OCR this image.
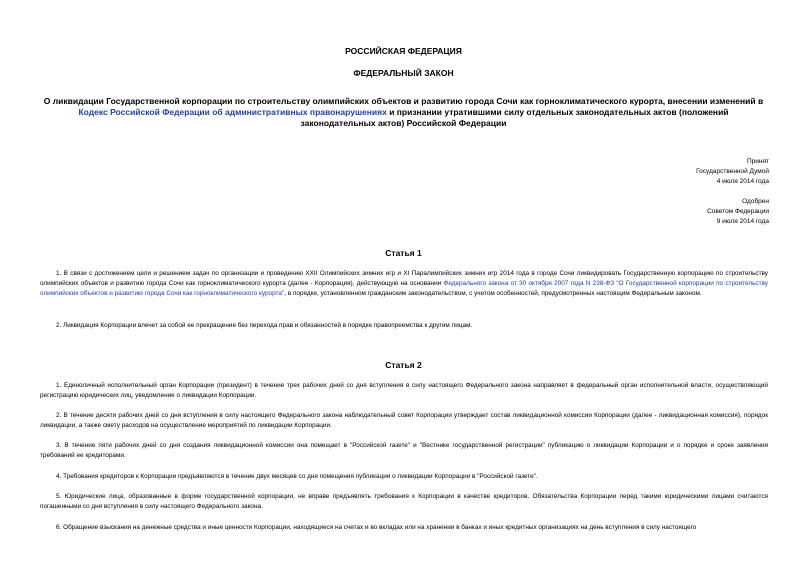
РОССИЙСКАЯ ФЕДЕРАЦИЯ
ФЕДЕРАЛЬНЫЙ ЗАКОН
О ликвидации Государственной корпорации по строительству олимпийских объектов и развитию города Сочи как горноклиматического курорта, внесении изменений в Кодекс Российской Федерации об административных правонарушениях и признании утратившими силу отдельных законодательных актов (положений законодательных актов) Российской Федерации
Принят
Государственной Думой
4 июля 2014 года
Одобрен
Советом Федерации
9 июля 2014 года
Статья 1
1. В связи с достижением цели и решением задач по организации и проведению XXII Олимпийских зимних игр и XI Паралимпийских зимних игр 2014 года в городе Сочи ликвидировать Государственную корпорацию по строительству олимпийских объектов и развитию города Сочи как горноклиматического курорта (далее - Корпорация), действующую на основании Федерального закона от 30 октября 2007 года N 238-ФЗ "О Государственной корпорации по строительству олимпийских объектов и развитию города Сочи как горноклиматического курорта", в порядке, установленном гражданским законодательством, с учетом особенностей, предусмотренных настоящим Федеральным законом.
2. Ликвидация Корпорации влечет за собой ее прекращение без перехода прав и обязанностей в порядке правопреемства к другим лицам.
Статья 2
1. Единоличный исполнительный орган Корпорации (президент) в течение трех рабочих дней со дня вступления в силу настоящего Федерального закона направляет в федеральный орган исполнительной власти, осуществляющий регистрацию юридических лиц, уведомление о ликвидации Корпорации.
2. В течение десяти рабочих дней со дня вступления в силу настоящего Федерального закона наблюдательный совет Корпорации утверждает состав ликвидационной комиссии Корпорации (далее - ликвидационная комиссия), порядок ликвидации, а также смету расходов на осуществление мероприятий по ликвидации Корпорации.
3. В течение пяти рабочих дней со дня создания ликвидационной комиссии она помещает в "Российской газете" и "Вестнике государственной регистрации" публикацию о ликвидации Корпорации и о порядке и сроке заявления требований ее кредиторами.
4. Требования кредиторов к Корпорации предъявляются в течение двух месяцев со дня помещения публикации о ликвидации Корпорации в "Российской газете".
5. Юридические лица, образованные в форме государственной корпорации, не вправе предъявлять требования к Корпорации в качестве кредиторов. Обязательства Корпорации перед такими юридическими лицами считаются погашенными со дня вступления в силу настоящего Федерального закона.
6. Обращение взыскания на денежные средства и иные ценности Корпорации, находящиеся на счетах и во вкладах или на хранении в банках и иных кредитных организациях на день вступления в силу настоящего
